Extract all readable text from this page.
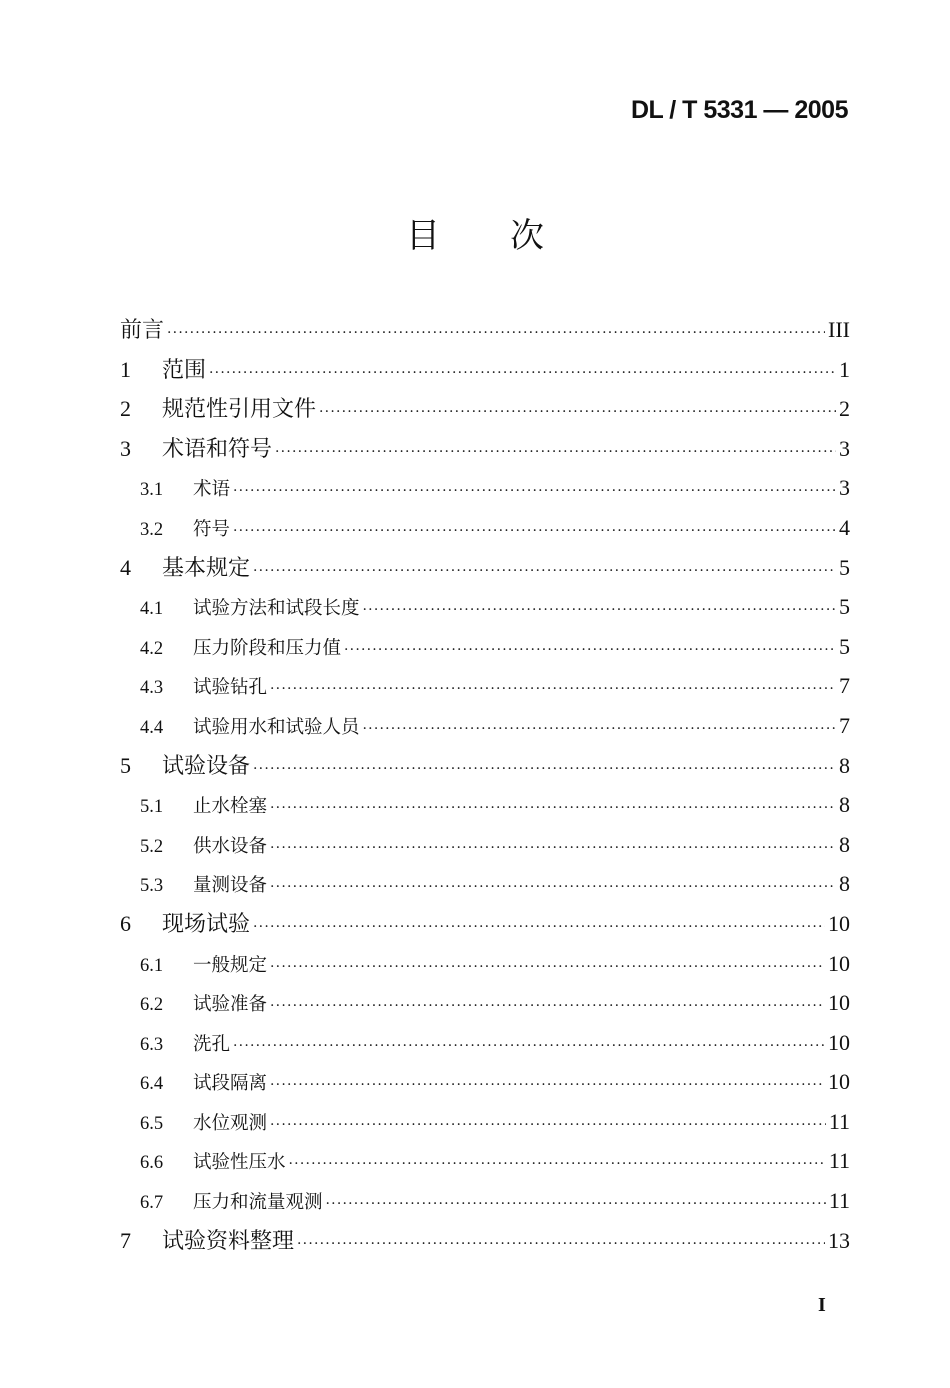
DL / T 5331 — 2005
目次
前言 ·····	III
1	范围 ·····	1
2	规范性引用文件 ·····	2
3	术语和符号 ·····	3
3.1	术语 ·····	3
3.2	符号 ·····	4
4	基本规定 ·····	5
4.1	试验方法和试段长度 ·····	5
4.2	压力阶段和压力值 ·····	5
4.3	试验钻孔 ·····	7
4.4	试验用水和试验人员 ·····	7
5	试验设备 ·····	8
5.1	止水栓塞 ·····	8
5.2	供水设备 ·····	8
5.3	量测设备 ·····	8
6	现场试验 ·····	10
6.1	一般规定 ·····	10
6.2	试验准备 ·····	10
6.3	洗孔 ·····	10
6.4	试段隔离 ·····	10
6.5	水位观测 ·····	11
6.6	试验性压水 ·····	11
6.7	压力和流量观测 ·····	11
7	试验资料整理 ·····	13
I
